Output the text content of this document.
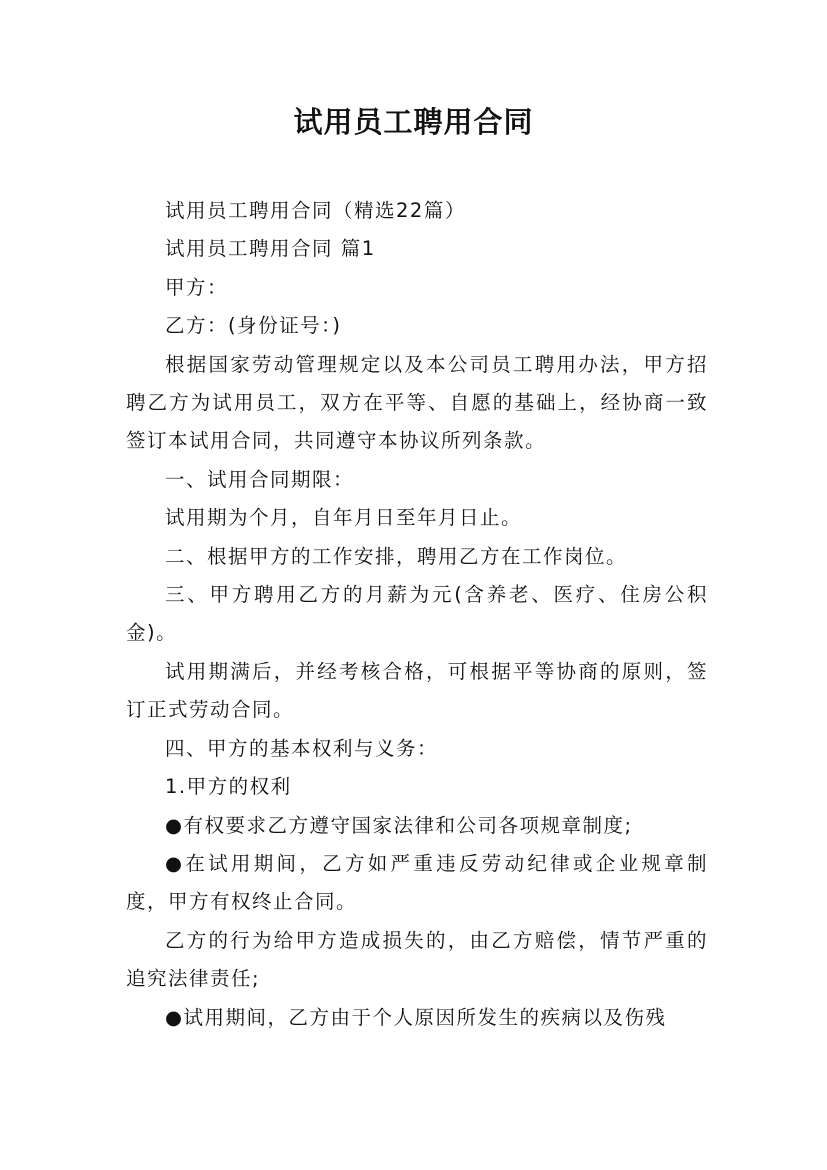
试用员工聘用合同

试用员工聘用合同（精选22篇）

试用员工聘用合同 篇1

甲方：

乙方：(身份证号：)

根据国家劳动管理规定以及本公司员工聘用办法，甲方招聘乙方为试用员工，双方在平等、自愿的基础上，经协商一致签订本试用合同，共同遵守本协议所列条款。

一、试用合同期限：

试用期为个月，自年月日至年月日止。

二、根据甲方的工作安排，聘用乙方在工作岗位。

三、甲方聘用乙方的月薪为元(含养老、医疗、住房公积金)。

试用期满后，并经考核合格，可根据平等协商的原则，签订正式劳动合同。

四、甲方的基本权利与义务：

1.甲方的权利

●有权要求乙方遵守国家法律和公司各项规章制度;

●在试用期间，乙方如严重违反劳动纪律或企业规章制度，甲方有权终止合同。

乙方的行为给甲方造成损失的，由乙方赔偿，情节严重的追究法律责任;

●试用期间，乙方由于个人原因所发生的疾病以及伤残
